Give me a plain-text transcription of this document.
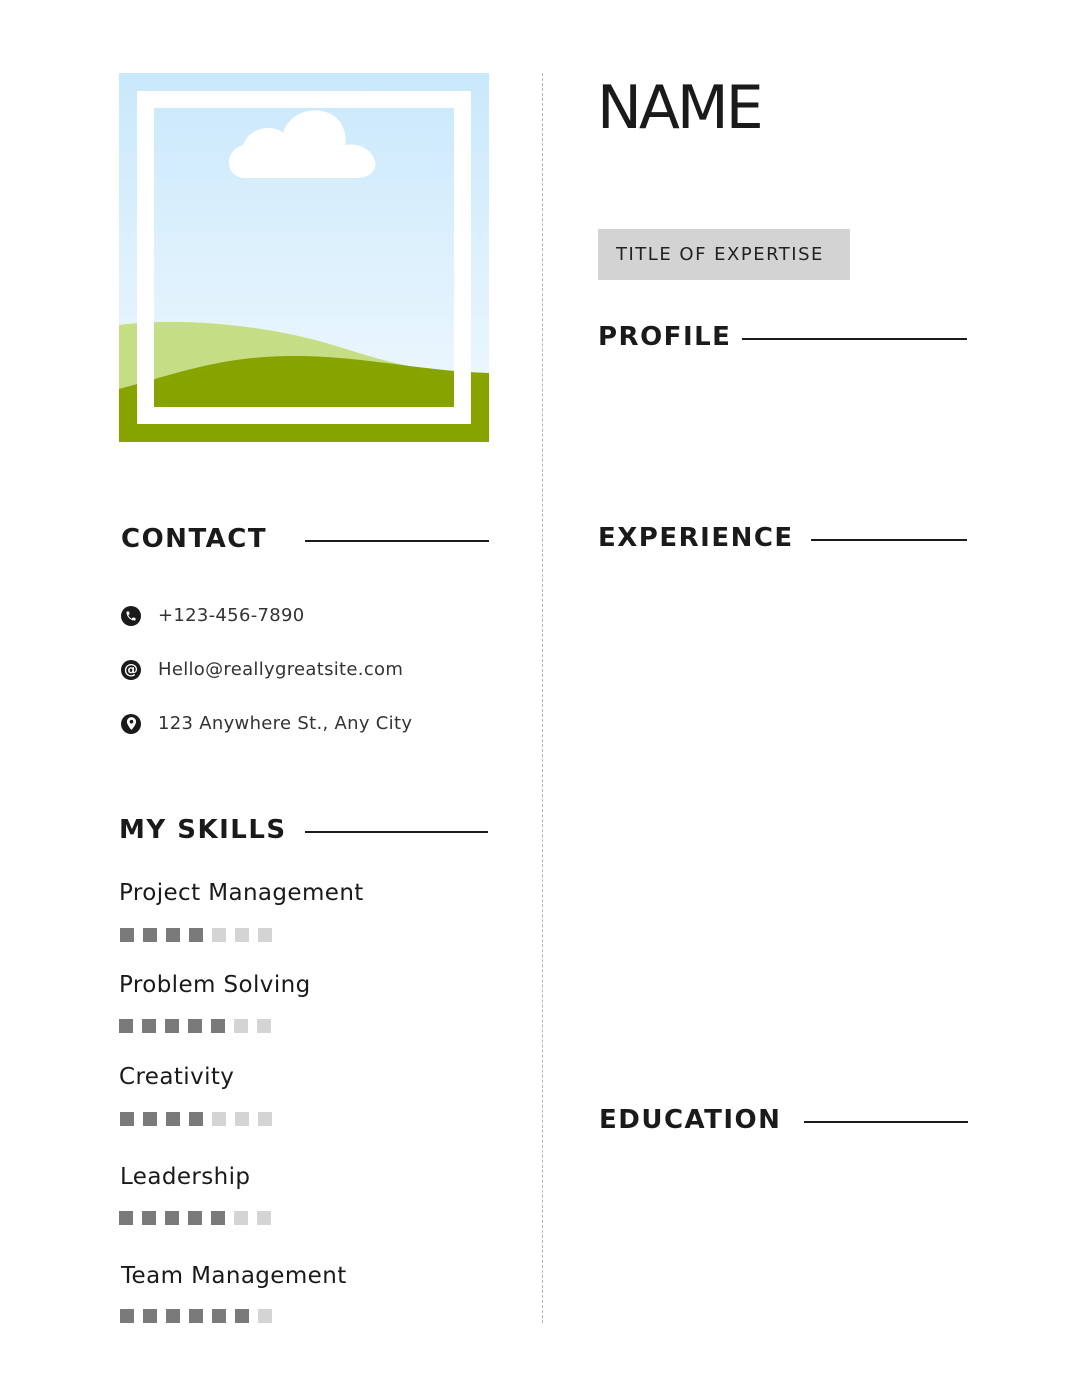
NAME
TITLE OF EXPERTISE
PROFILE
EXPERIENCE
EDUCATION
CONTACT
+123-456-7890
@ Hello@reallygreatsite.com
123 Anywhere St., Any City
MY SKILLS
Project Management
Problem Solving
Creativity
Leadership
Team Management
